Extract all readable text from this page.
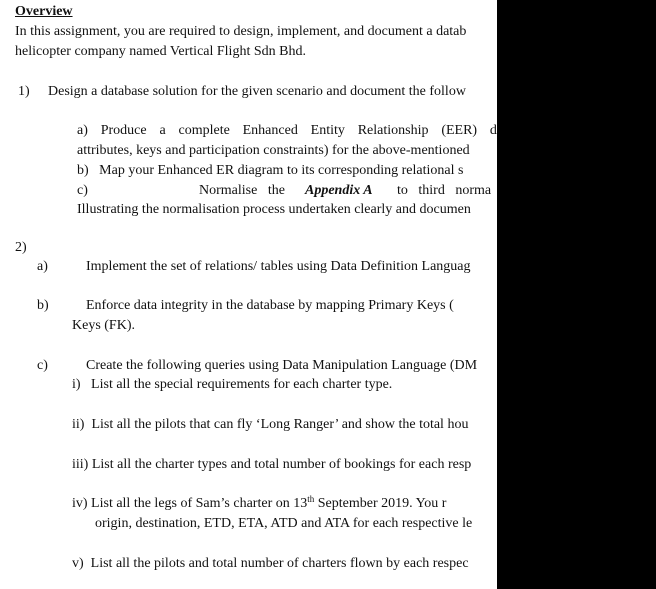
Overview
In this assignment, you are required to design, implement, and document a datab
helicopter company named Vertical Flight Sdn Bhd.
1) Design a database solution for the given scenario and document the follow
a) Produce a complete Enhanced Entity Relationship (EER) d
attributes, keys and participation constraints) for the above-mentioned
b)   Map your Enhanced ER diagram to its corresponding relational s
c)	Normalise the Appendix A to third norma
Illustrating the normalisation process undertaken clearly and documen
2)
a)	Implement the set of relations/ tables using Data Definition Languag
b)	Enforce data integrity in the database by mapping Primary Keys (
Keys (FK).
c)	Create the following queries using Data Manipulation Language (DM
i)   List all the special requirements for each charter type.
ii)  List all the pilots that can fly ‘Long Ranger’ and show the total hou
iii) List all the charter types and total number of bookings for each resp
iv) List all the legs of Sam’s charter on 13th September 2019. You r
origin, destination, ETD, ETA, ATD and ATA for each respective le
v)  List all the pilots and total number of charters flown by each respec
